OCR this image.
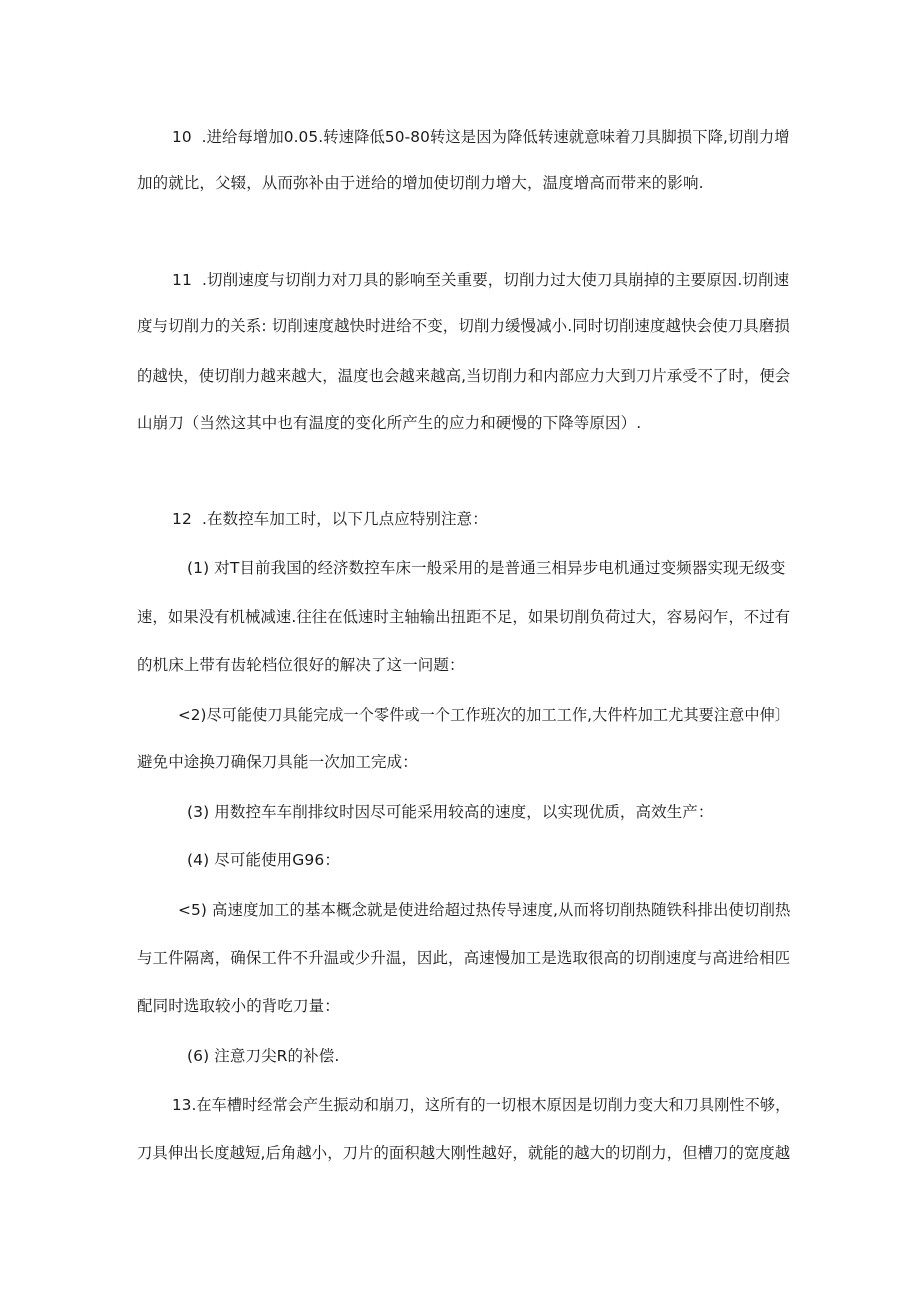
10  .进给每增加0.05.转速降低50-80转这是因为降低转速就意味着刀具脚损下降,切削力增
加的就比，父辍，从而弥补由于迸给的增加使切削力增大，温度增高而带来的影响.
11  .切削速度与切削力对刀具的影响至关重要，切削力过大使刀具崩掉的主要原因.切削速
度与切削力的关系: 切削速度越快时进给不变，切削力缓慢减小.同时切削速度越快会使刀具磨损
的越快，使切削力越来越大，温度也会越来越高,当切削力和内部应力大到刀片承受不了时，便会
山崩刀（当然这其中也有温度的变化所产生的应力和硬慢的下降等原因）.
12  .在数控车加工时，以下几点应特别注意：
(1) 对T目前我国的经济数控车床一般采用的是普通三相异步电机通过变频器实现无级变
速，如果没有机械减速.往往在低速时主轴输出扭距不足，如果切削负荷过大，容易闷乍，不过有
的机床上带有齿轮档位很好的解决了这一问题：
<2)尽可能使刀具能完成一个零件或一个工作班次的加工工作,大件杵加工尤其要注意中伸〕
避免中途换刀确保刀具能一次加工完成：
(3) 用数控车车削排纹时因尽可能采用较高的速度，以实现优质，高效生产：
(4) 尽可能使用G96：
<5) 高速度加工的基本概念就是使进给超过热传导速度,从而将切削热随铁科排出使切削热
与工件隔离，确保工件不升温或少升温，因此，高速慢加工是选取很高的切削速度与高进给相匹
配同时选取较小的背吃刀量：
(6) 注意刀尖R的补偿.
13.在车槽时经常会产生振动和崩刀，这所有的一切根木原因是切削力变大和刀具刚性不够，
刀具伸出长度越短,后角越小，刀片的面积越大刚性越好，就能的越大的切削力，但槽刀的宽度越
